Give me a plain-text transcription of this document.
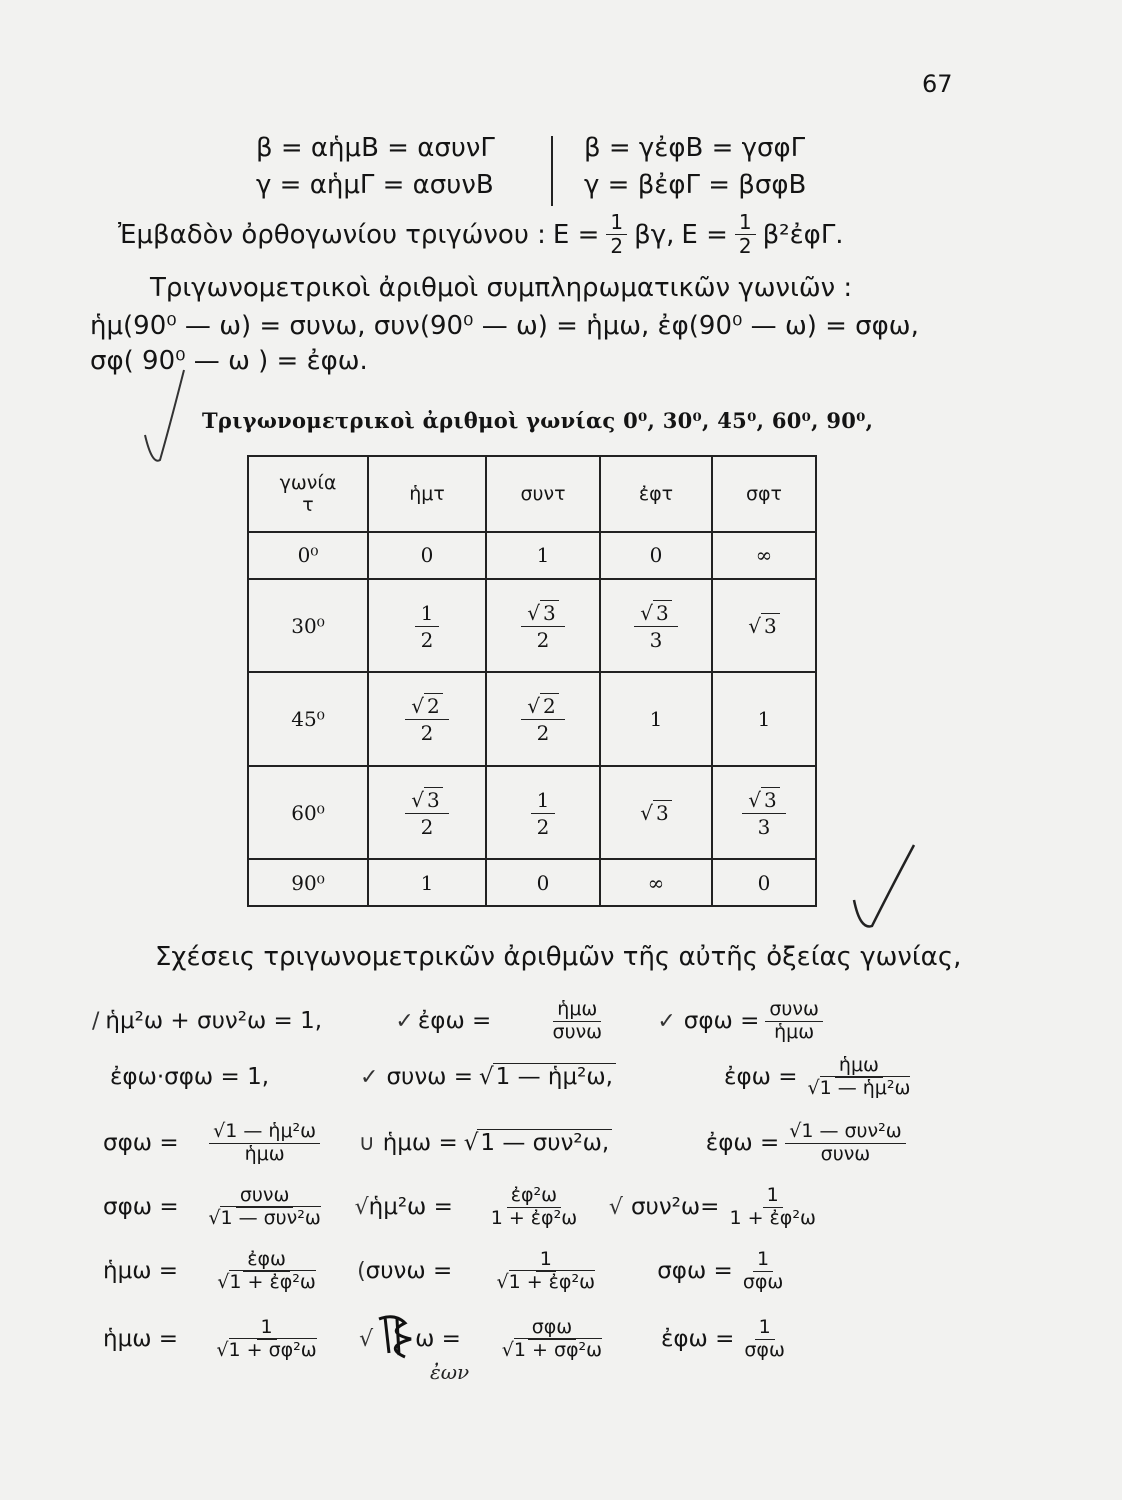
67
β = αἡμΒ = ασυνΓ
γ = αἡμΓ = ασυνΒ
β = γἐφΒ = γσφΓ
γ = βἐφΓ = βσφΒ
Ἐμβαδὸν ὀρθογωνίου τριγώνου : $E = \frac{1}{2} \beta\gamma$, $E = \frac{1}{2}$ β²ἐφΓ.
Τριγωνομετρικοὶ ἀριθμοὶ συμπληρωματικῶν γωνιῶν :
ἡμ(90⁰ — ω) = συνω, συν(90⁰ — ω) = ἡμω, ἐφ(90⁰ — ω) = σφω,
σφ( 90⁰ — ω ) = ἐφω.
Τριγωνομετρικοὶ ἀριθμοὶ γωνίας 0⁰, 30⁰, 45⁰, 60⁰, 90⁰,
γωνία
τ	ἡμτ	συντ	ἐφτ	σφτ
0⁰	0	1	0	∞
30⁰	$\frac{1}{2}$	$\frac{√ 3}{2}$	$\frac{√ 3}{3}$	√ 3
45⁰	$\frac{√ 2}{2}$	$\frac{√ 2}{2}$	1	1
60⁰	$\frac{√ 3}{2}$	$\frac{1}{2}$	√ 3	$\frac{√ 3}{3}$

90⁰	1	0	∞	0
Σχέσεις τριγωνομετρικῶν ἀριθμῶν τῆς αὐτῆς ὀξείας γωνίας,
/ ἡμ²ω + συν²ω = 1,	✓ ἐφω = $\frac{\text{ἡμω}}{\text{συνω}}$ ✓ $\sigma\varphi\omega = \frac{\text{συνω}}{\text{ἡμω}}$
ἐφω·σφω = 1,	✓ συνω = √1 — ἡμ²ω,	ἐφω = $\frac{\text{ἡμω}}{\text{√1 — ἡμ²ω}}$
$\sigma\varphi\omega = \frac{\text{√1 — ἡμ²ω}}{\text{ἡμω}}$ ∪ ἡμω = √1 — συν²ω,	ἐφω = $\frac{\text{√1 — συν²ω}}{\text{συνω}}$
$\sigma\varphi\omega = \frac{\text{συνω}}{\text{√1 — συν²ω}}$ √ ἡμ²ω = $\frac{\text{ἐφ²ω}}{\text{1 + ἐφ²ω}}$ √ $\sigma\upsilon\nu^2\omega= \frac{1}{\text{1 + ἐφ²ω}}$
ἡμω = $\frac{\text{ἐφω}}{\text{√1 + ἐφ²ω}}$ ( $\sigma\upsilon\nu\omega = \frac{1}{\text{√1 + ἐφ²ω}}$ $\sigma\varphi\omega = \frac{1}{\text{σφω}}$
ἡμω = $\frac{1}{\text{√1 + σφ²ω}}$ √ $\omega = \frac{\text{σφω}}{\text{√1 + σφ²ω}}$ ἐφω = $\frac{1}{\text{σφω}}$
ἐων
